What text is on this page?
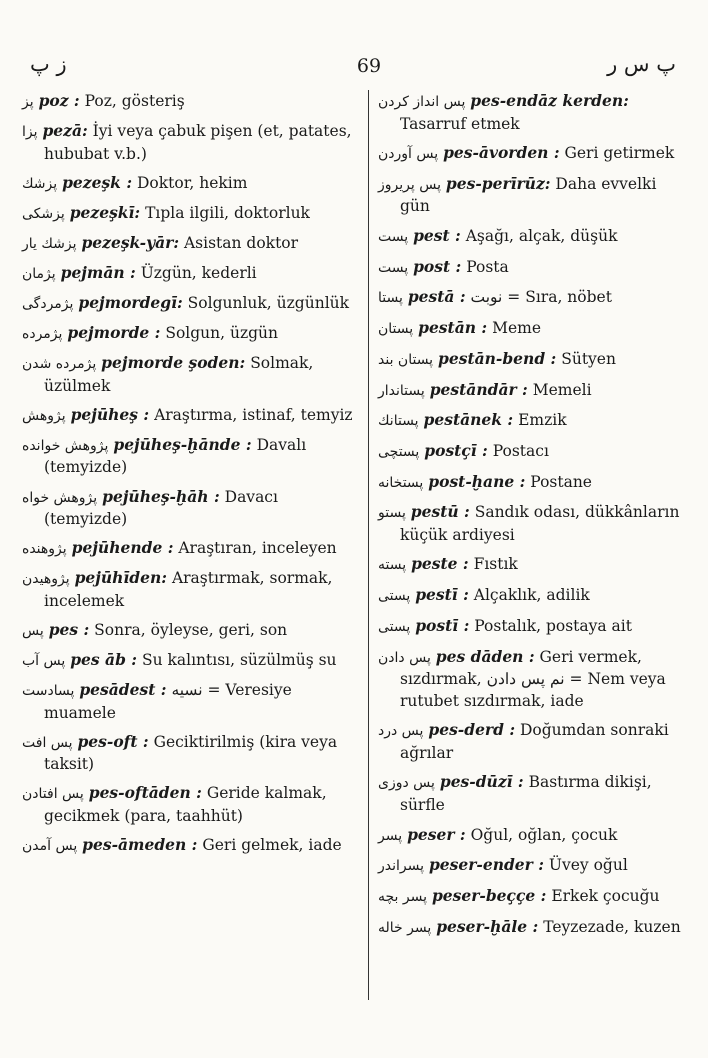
ز پ	69	پ س ر
پز poz : Poz, gösteriş
پزا pezā: İyi veya çabuk pişen (et, patates, hububat v.b.)
پزشك pezeşk : Doktor, hekim
پزشكی pezeşkī: Tıpla ilgili, doktorluk
پزشك يار pezeşk-yār: Asistan doktor
پژمان pejmān : Üzgün, kederli
پژمردگی pejmordegī: Solgunluk, üzgünlük
پژمرده pejmorde : Solgun, üzgün
پژمرده شدن pejmorde şoden: Solmak, üzülmek
پژوهش pejūheş : Araştırma, istinaf, temyiz
پژوهش خوانده pejūheş-ḫānde : Davalı (temyizde)
پژوهش خواه pejūheş-ḫāh : Davacı (temyizde)
پژوهنده pejūhende : Araştıran, inceleyen
پژوهیدن pejūhīden: Araştırmak, sormak, incelemek
پس pes : Sonra, öyleyse, geri, son
پس آب pes āb : Su kalıntısı, süzülmüş su
پسادست pesādest : نسیه = Veresiye muamele
پس افت pes-oft : Geciktirilmiş (kira veya taksit)
پس افتادن pes-oftāden : Geride kalmak, gecikmek (para, taahhüt)
پس آمدن pes-āmeden : Geri gelmek, iade
پس انداز كردن pes-endāz kerden: Tasarruf etmek
پس آوردن pes-āvorden : Geri getirmek
پس پريروز pes-perīrūz: Daha evvelki gün
پست pest : Aşağı, alçak, düşük
پست post : Posta
پستا pestā : نوبت = Sıra, nöbet
پستان pestān : Meme
پستان بند pestān-bend : Sütyen
پستاندار pestāndār : Memeli
پستانك pestānek : Emzik
پستچی postçī : Postacı
پستخانه post-ḫane : Postane
پستو pestū : Sandık odası, dükkânların küçük ardiyesi
پسته peste : Fıstık
پستی pestī : Alçaklık, adilik
پستی postī : Postalık, postaya ait
پس دادن pes dāden : Geri vermek, sızdırmak, نم پس دادن = Nem veya rutubet sızdırmak, iade
پس درد pes-derd : Doğumdan sonraki ağrılar
پس دوزی pes-dūzī : Bastırma dikişi, sürfle
پسر peser : Oğul, oğlan, çocuk
پسراندر peser-ender : Üvey oğul
پسر بچه peser-beççe : Erkek çocuğu
پسر خاله peser-ḫāle : Teyzezade, kuzen
